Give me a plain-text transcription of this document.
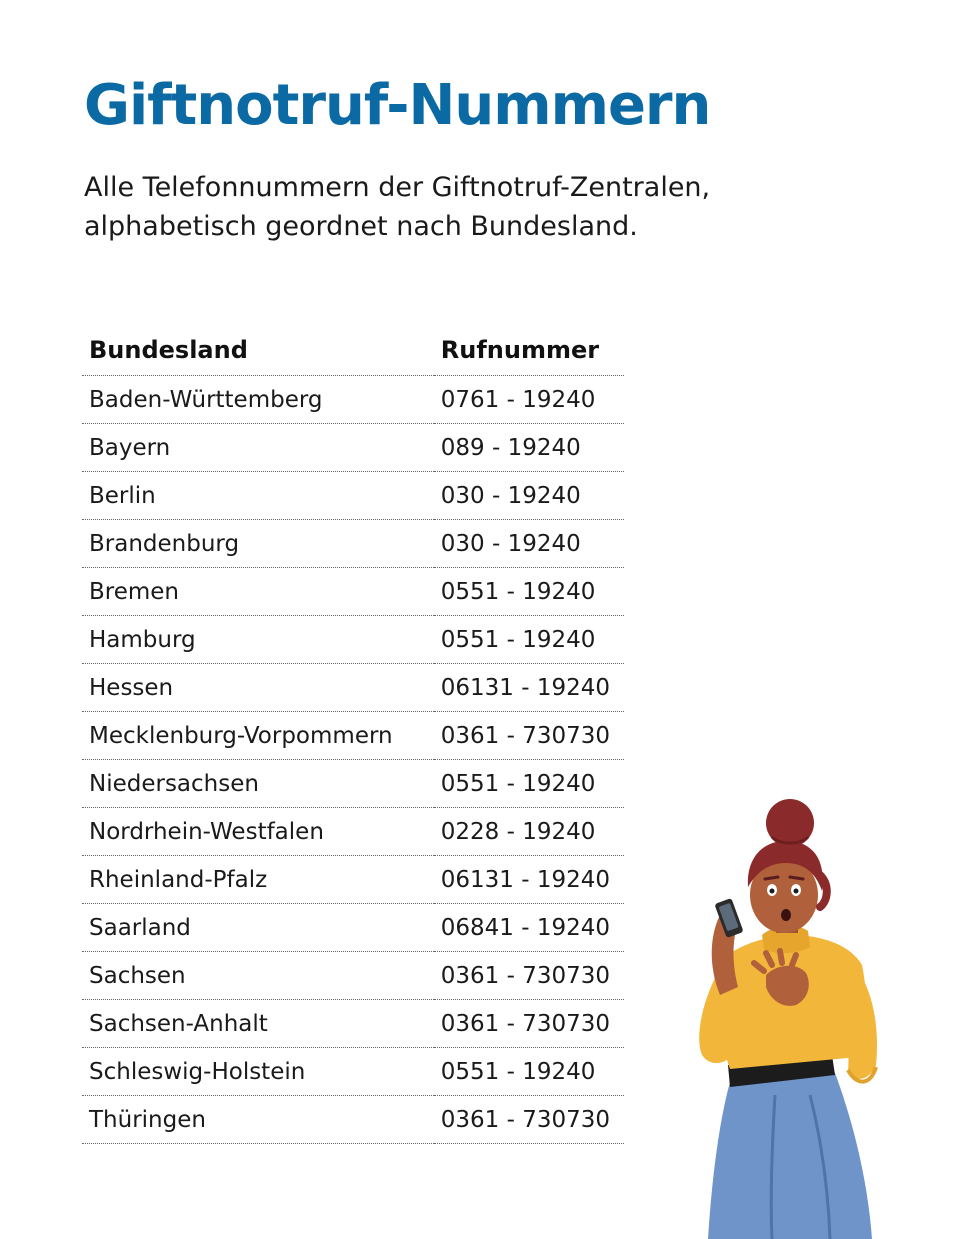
Giftnotruf-Nummern

Alle Telefonnummern der Giftnotruf-Zentralen,
alphabetisch geordnet nach Bundesland.

Bundesland	Rufnummer
Baden-Württemberg	0761 - 19240
Bayern	089 - 19240
Berlin	030 - 19240
Brandenburg	030 - 19240
Bremen	0551 - 19240
Hamburg	0551 - 19240
Hessen	06131 - 19240
Mecklenburg-Vorpommern	0361 - 730730
Niedersachsen	0551 - 19240
Nordrhein-Westfalen	0228 - 19240
Rheinland-Pfalz	06131 - 19240
Saarland	06841 - 19240
Sachsen	0361 - 730730
Sachsen-Anhalt	0361 - 730730
Schleswig-Holstein	0551 - 19240
Thüringen	0361 - 730730
